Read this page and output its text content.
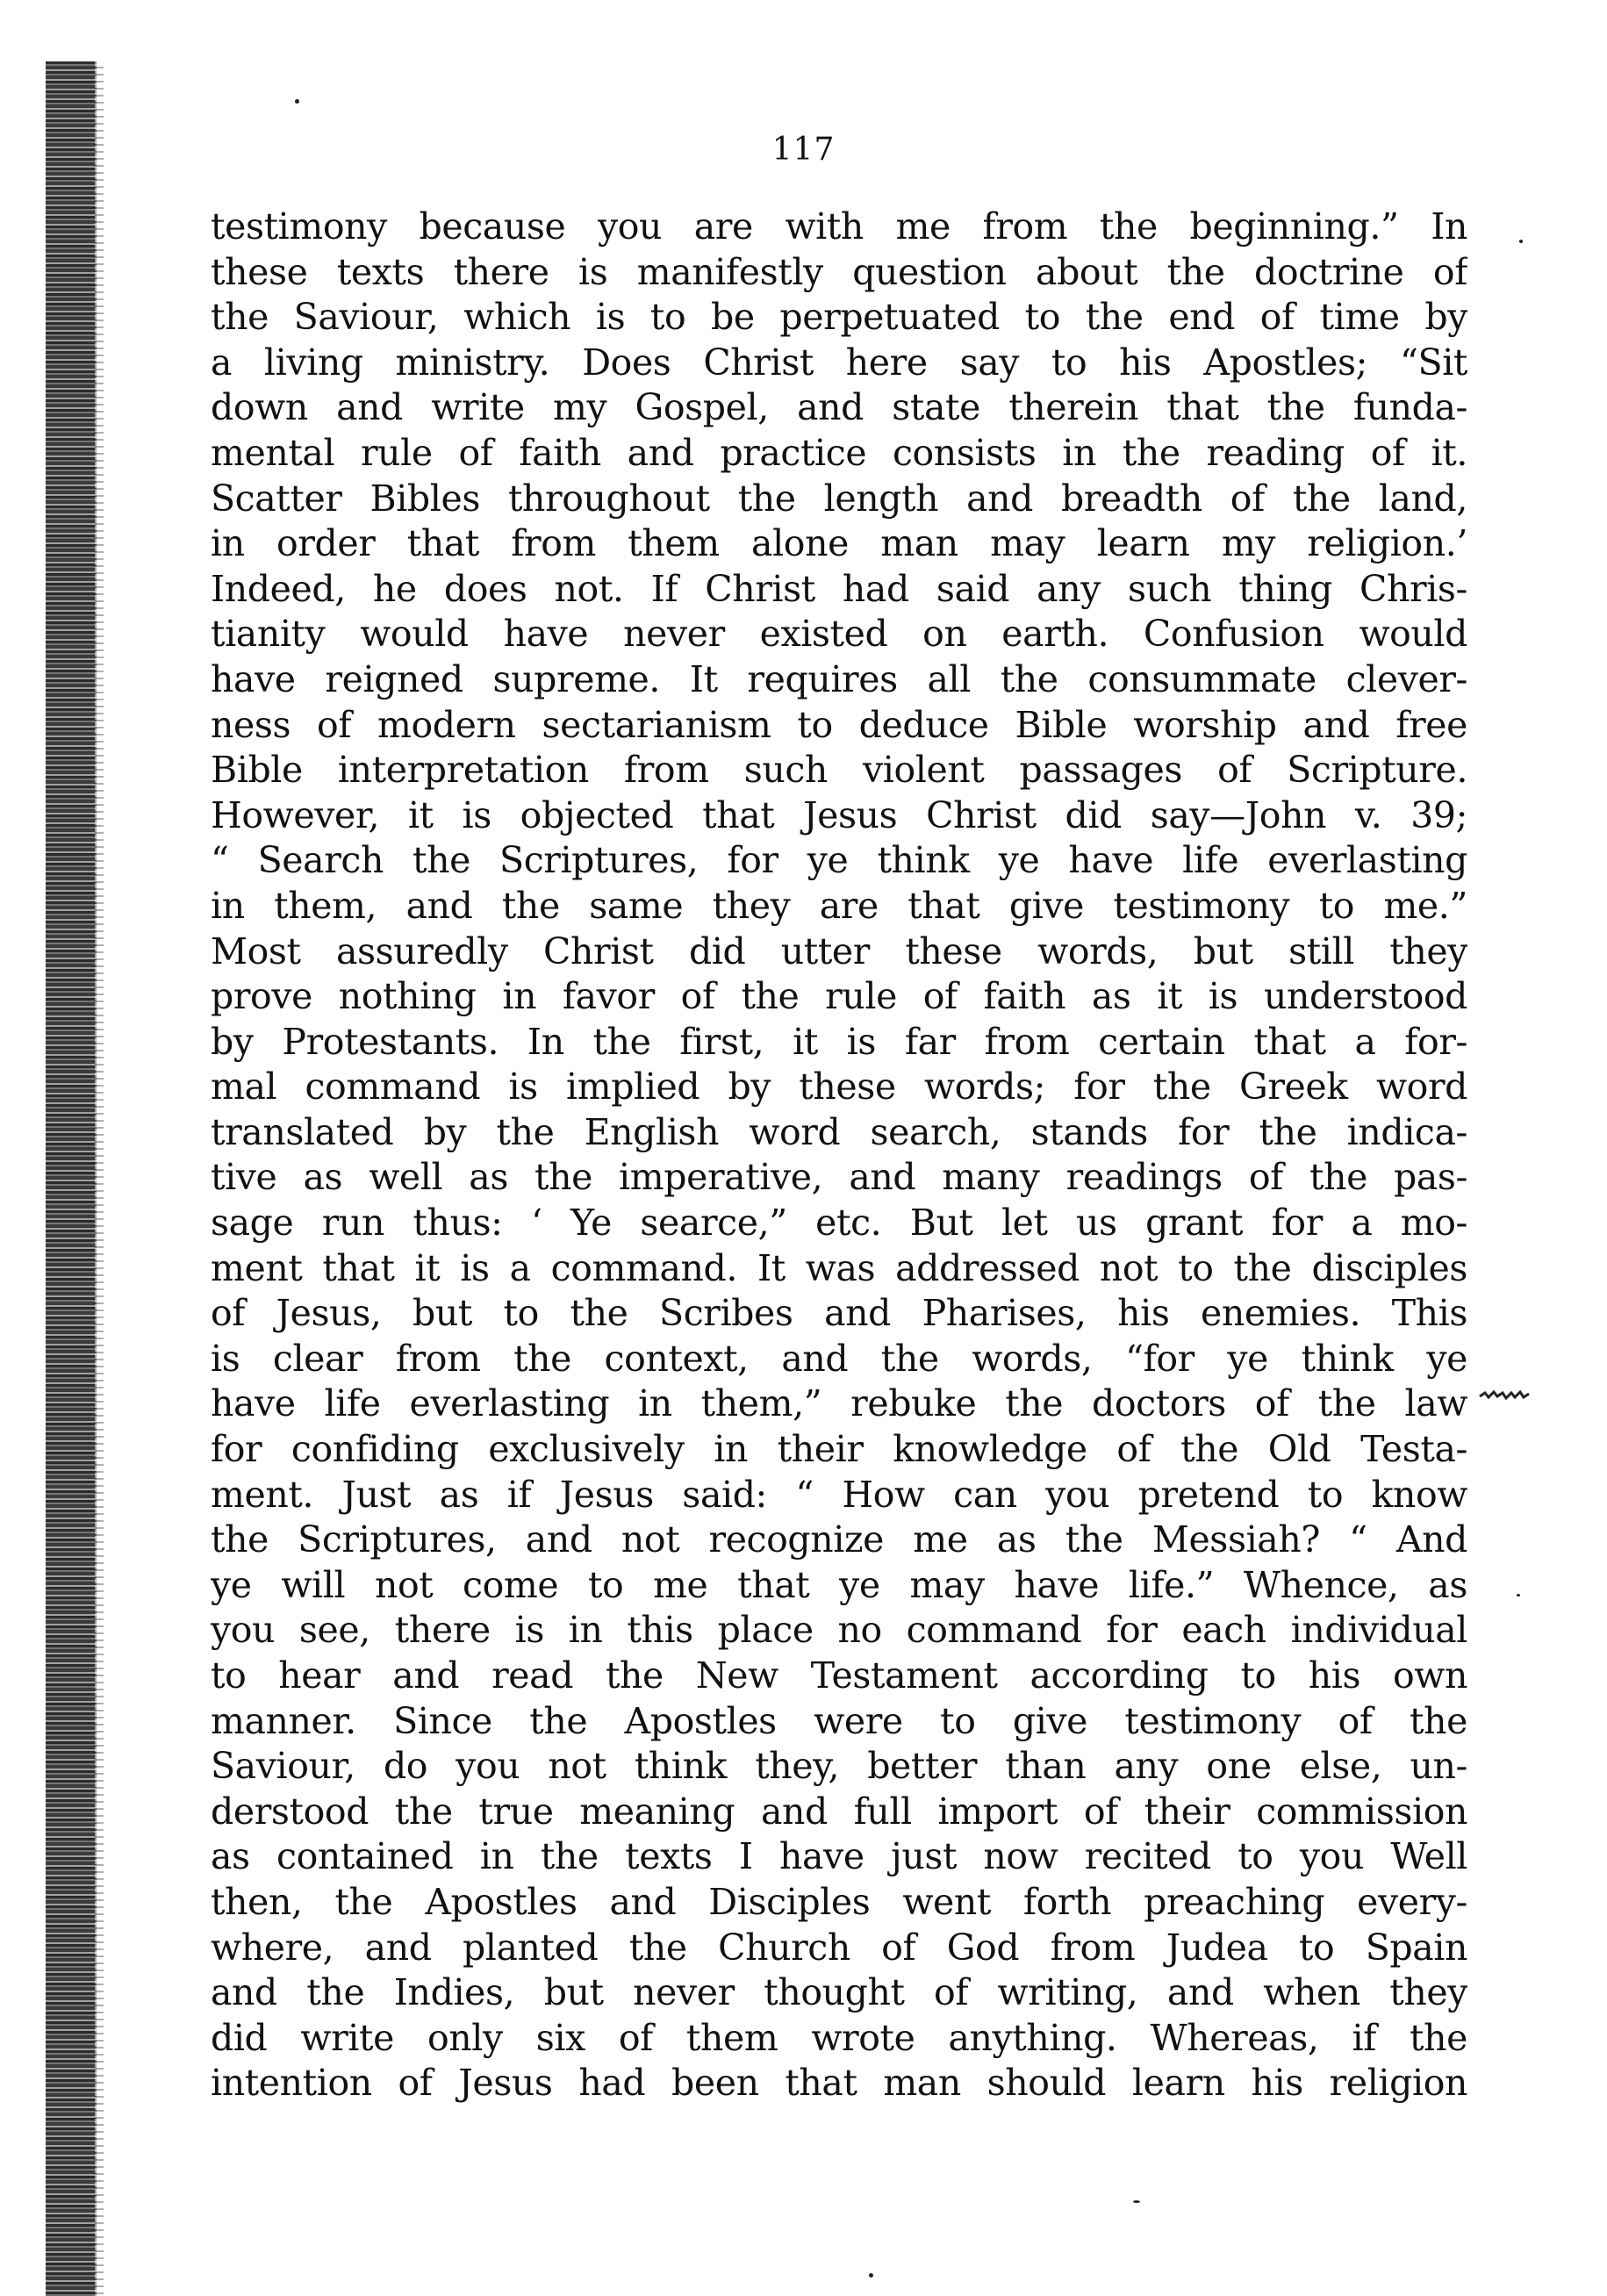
117
testimony because you are with me from the beginning.” In
these texts there is manifestly question about the doctrine of
the Saviour, which is to be perpetuated to the end of time by
a living ministry. Does Christ here say to his Apostles; “Sit
down and write my Gospel, and state therein that the funda-
mental rule of faith and practice consists in the reading of it.
Scatter Bibles throughout the length and breadth of the land,
in order that from them alone man may learn my religion.’
Indeed, he does not. If Christ had said any such thing Chris-
tianity would have never existed on earth. Confusion would
have reigned supreme. It requires all the consummate clever-
ness of modern sectarianism to deduce Bible worship and free
Bible interpretation from such violent passages of Scripture.
However, it is objected that Jesus Christ did say—John v. 39;
“ Search the Scriptures, for ye think ye have life everlasting
in them, and the same they are that give testimony to me.”
Most assuredly Christ did utter these words, but still they
prove nothing in favor of the rule of faith as it is understood
by Protestants. In the first, it is far from certain that a for-
mal command is implied by these words; for the Greek word
translated by the English word search, stands for the indica-
tive as well as the imperative, and many readings of the pas-
sage run thus: ‘ Ye searce,” etc. But let us grant for a mo-
ment that it is a command. It was addressed not to the disciples
of Jesus, but to the Scribes and Pharises, his enemies. This
is clear from the context, and the words, “for ye think ye
have life everlasting in them,” rebuke the doctors of the law
for confiding exclusively in their knowledge of the Old Testa-
ment. Just as if Jesus said: “ How can you pretend to know
the Scriptures, and not recognize me as the Messiah? “ And
ye will not come to me that ye may have life.” Whence, as
you see, there is in this place no command for each individual
to hear and read the New Testament according to his own
manner. Since the Apostles were to give testimony of the
Saviour, do you not think they, better than any one else, un-
derstood the true meaning and full import of their commission
as contained in the texts I have just now recited to you Well
then, the Apostles and Disciples went forth preaching every-
where, and planted the Church of God from Judea to Spain
and the Indies, but never thought of writing, and when they
did write only six of them wrote anything. Whereas, if the
intention of Jesus had been that man should learn his religion
